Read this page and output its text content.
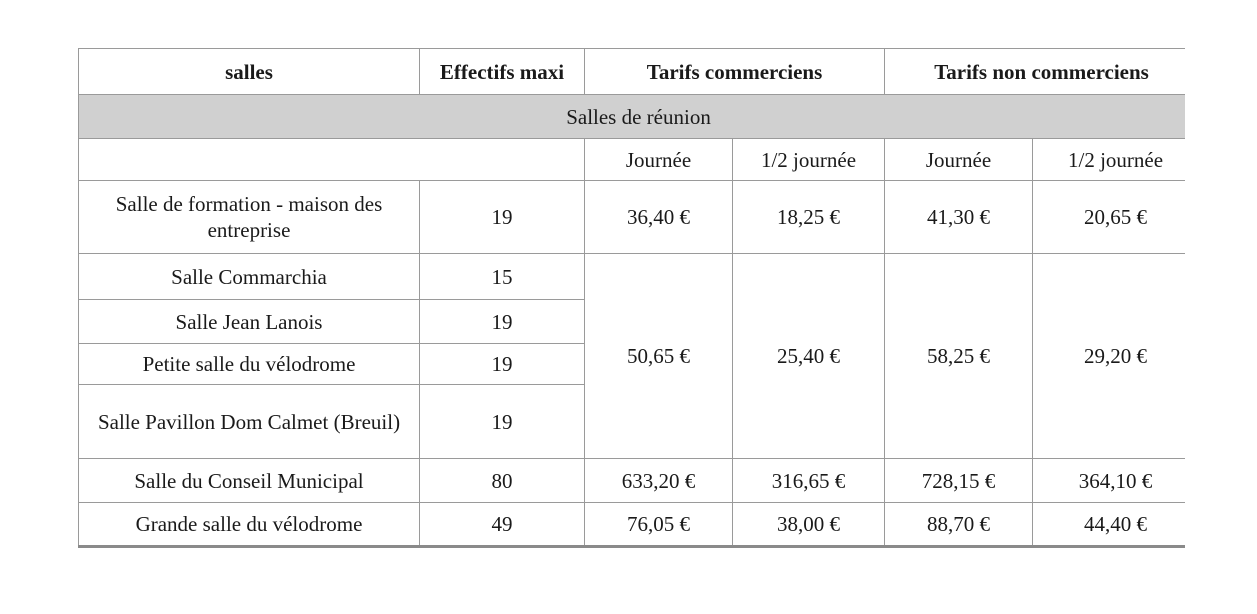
salles	Effectifs maxi	Tarifs commerciens		Tarifs non commerciens	
Salles de réunion					
		Journée	1/2 journée	Journée	1/2 journée
Salle de formation - maison des entreprise	19	36,40 €	18,25 €	41,30 €	20,65 €
Salle Commarchia	15	50,65 €	25,40 €	58,25 €	29,20 €
Salle Jean Lanois	19				
Petite salle du vélodrome	19				
Salle Pavillon Dom Calmet (Breuil)	19				
Salle du Conseil Municipal	80	633,20 €	316,65 €	728,15 €	364,10 €
Grande salle du vélodrome	49	76,05 €	38,00 €	88,70 €	44,40 €
